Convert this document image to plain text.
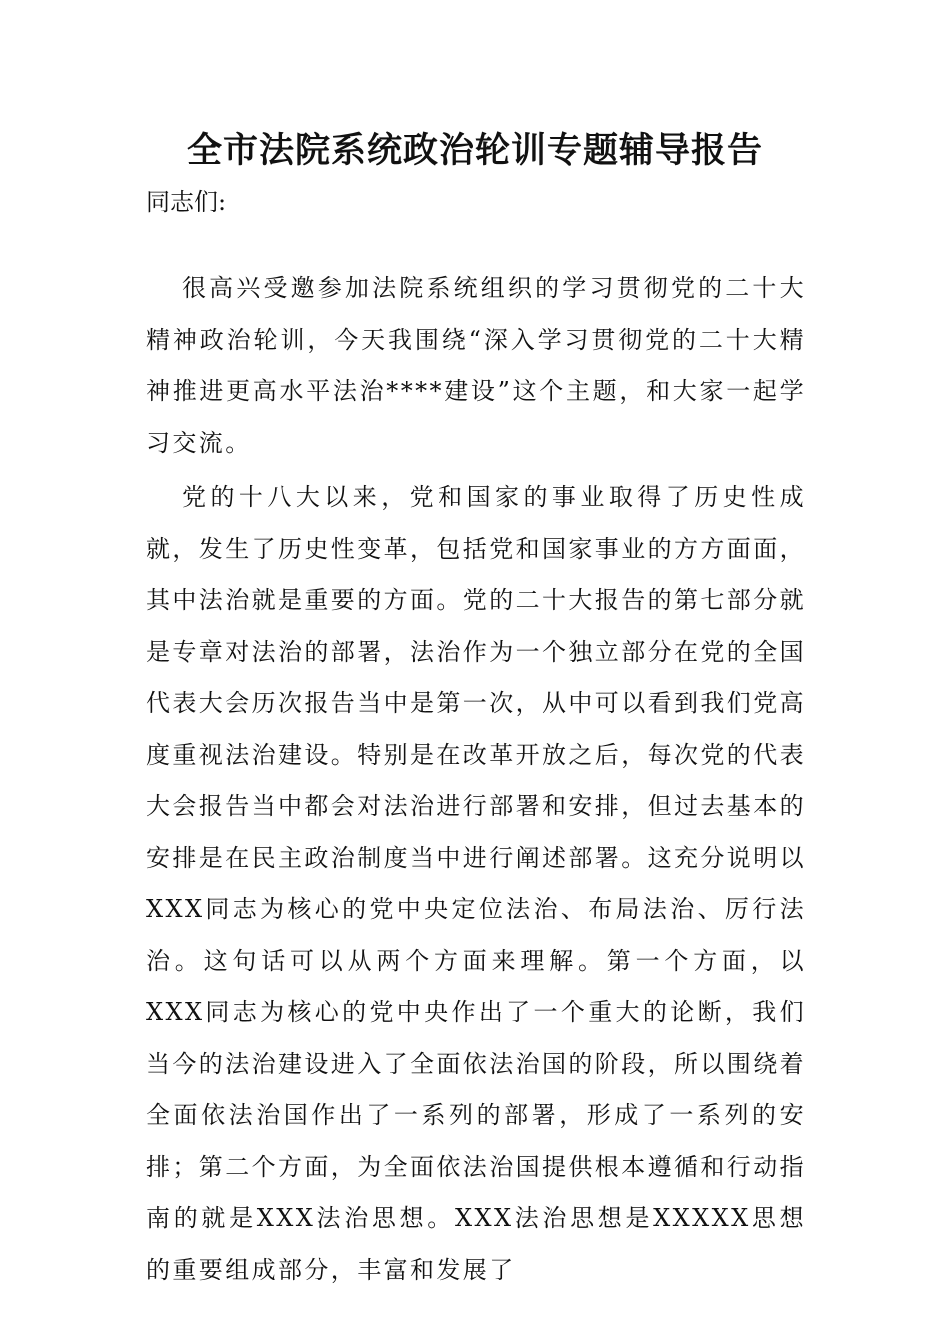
全市法院系统政治轮训专题辅导报告

同志们:

很高兴受邀参加法院系统组织的学习贯彻党的二十大精神政治轮训，今天我围绕“深入学习贯彻党的二十大精神推进更高水平法治****建设”这个主题，和大家一起学习交流。

党的十八大以来，党和国家的事业取得了历史性成就，发生了历史性变革，包括党和国家事业的方方面面，其中法治就是重要的方面。党的二十大报告的第七部分就是专章对法治的部署，法治作为一个独立部分在党的全国代表大会历次报告当中是第一次，从中可以看到我们党高度重视法治建设。特别是在改革开放之后，每次党的代表大会报告当中都会对法治进行部署和安排，但过去基本的安排是在民主政治制度当中进行阐述部署。这充分说明以XXX同志为核心的党中央定位法治、布局法治、厉行法治。这句话可以从两个方面来理解。第一个方面，以XXX同志为核心的党中央作出了一个重大的论断，我们当今的法治建设进入了全面依法治国的阶段，所以围绕着全面依法治国作出了一系列的部署，形成了一系列的安排；第二个方面，为全面依法治国提供根本遵循和行动指南的就是XXX法治思想。XXX法治思想是XXXXX思想的重要组成部分，丰富和发展了
